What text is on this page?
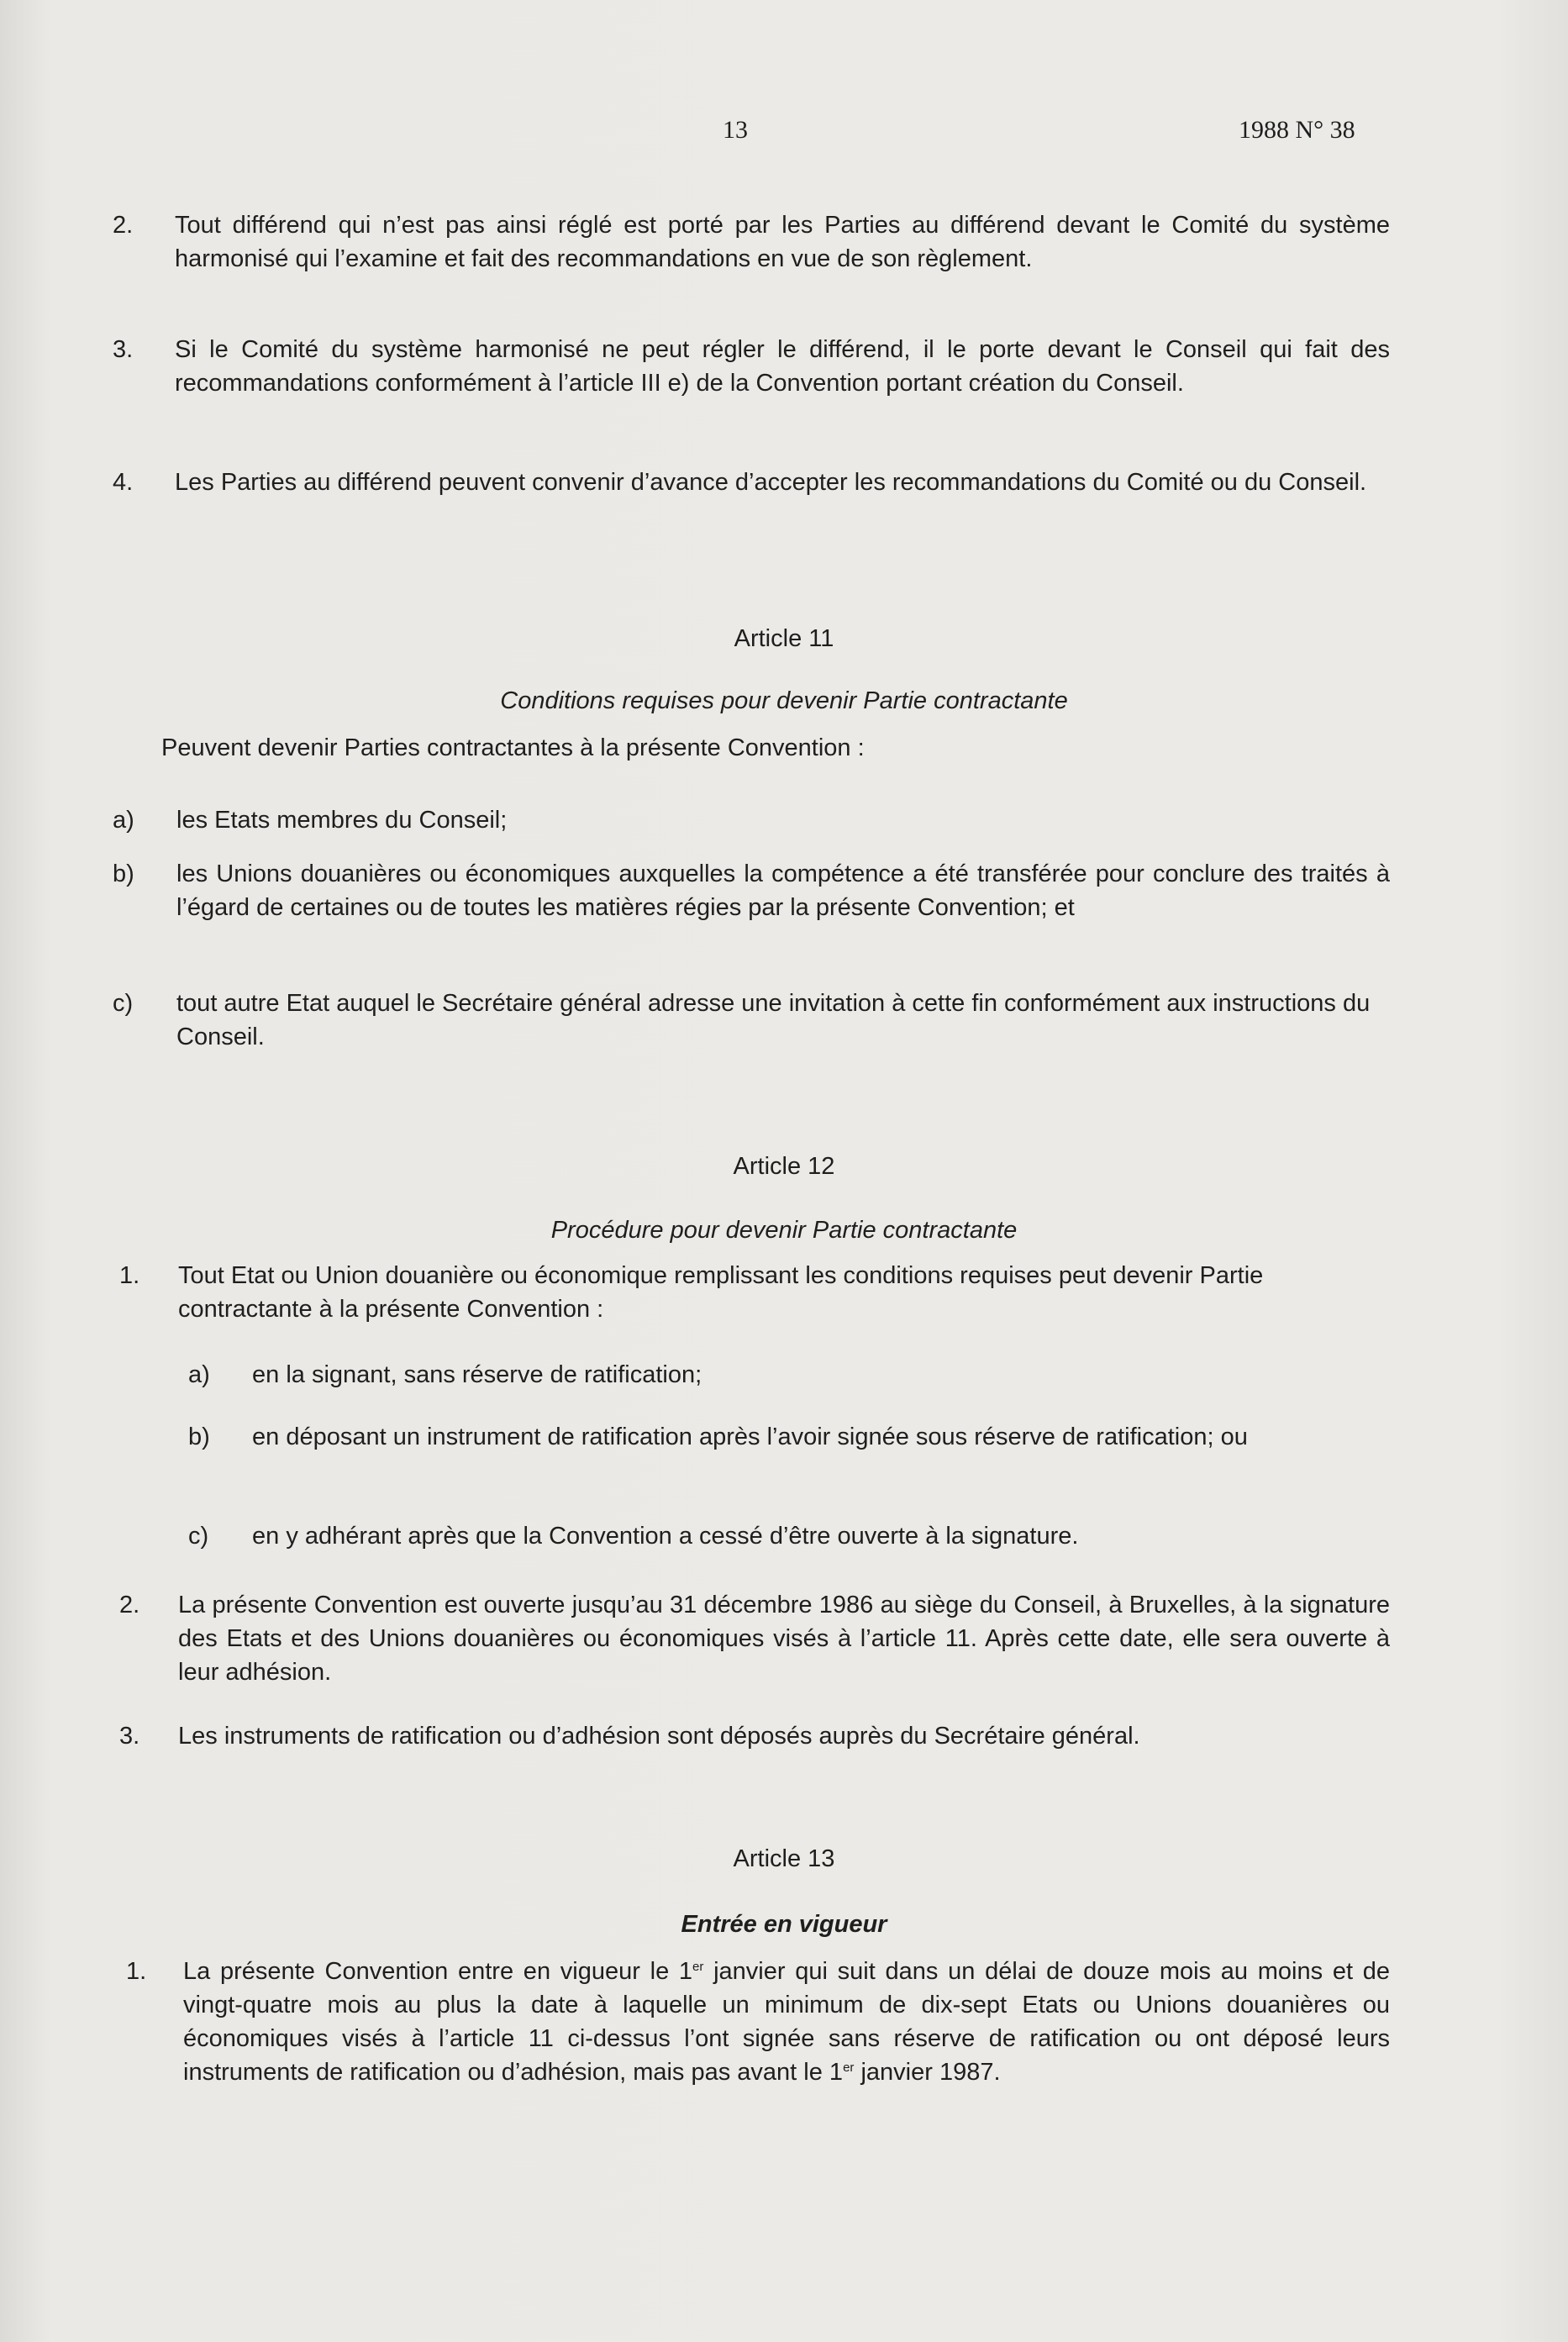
13	1988 N° 38
2. Tout différend qui n’est pas ainsi réglé est porté par les Parties au différend devant le Comité du système harmonisé qui l’examine et fait des recommandations en vue de son règlement.
3. Si le Comité du système harmonisé ne peut régler le différend, il le porte devant le Conseil qui fait des recommandations conformément à l’article III e) de la Convention portant création du Conseil.
4. Les Parties au différend peuvent convenir d’avance d’accepter les recommandations du Comité ou du Conseil.
Article 11
Conditions requises pour devenir Partie contractante
Peuvent devenir Parties contractantes à la présente Convention :
a) les Etats membres du Conseil;
b) les Unions douanières ou économiques auxquelles la compétence a été transférée pour conclure des traités à l’égard de certaines ou de toutes les matières régies par la présente Convention; et
c) tout autre Etat auquel le Secrétaire général adresse une invitation à cette fin conformément aux instructions du Conseil.
Article 12
Procédure pour devenir Partie contractante
1. Tout Etat ou Union douanière ou économique remplissant les conditions requises peut devenir Partie contractante à la présente Convention :
a) en la signant, sans réserve de ratification;
b) en déposant un instrument de ratification après l’avoir signée sous réserve de ratification; ou
c) en y adhérant après que la Convention a cessé d’être ouverte à la signature.
2. La présente Convention est ouverte jusqu’au 31 décembre 1986 au siège du Conseil, à Bruxelles, à la signature des Etats et des Unions douanières ou économiques visés à l’article 11. Après cette date, elle sera ouverte à leur adhésion.
3. Les instruments de ratification ou d’adhésion sont déposés auprès du Secrétaire général.
Article 13
Entrée en vigueur
1. La présente Convention entre en vigueur le 1er janvier qui suit dans un délai de douze mois au moins et de vingt-quatre mois au plus la date à laquelle un minimum de dix-sept Etats ou Unions douanières ou économiques visés à l’article 11 ci-dessus l’ont signée sans réserve de ratification ou ont déposé leurs instruments de ratification ou d’adhésion, mais pas avant le 1er janvier 1987.
